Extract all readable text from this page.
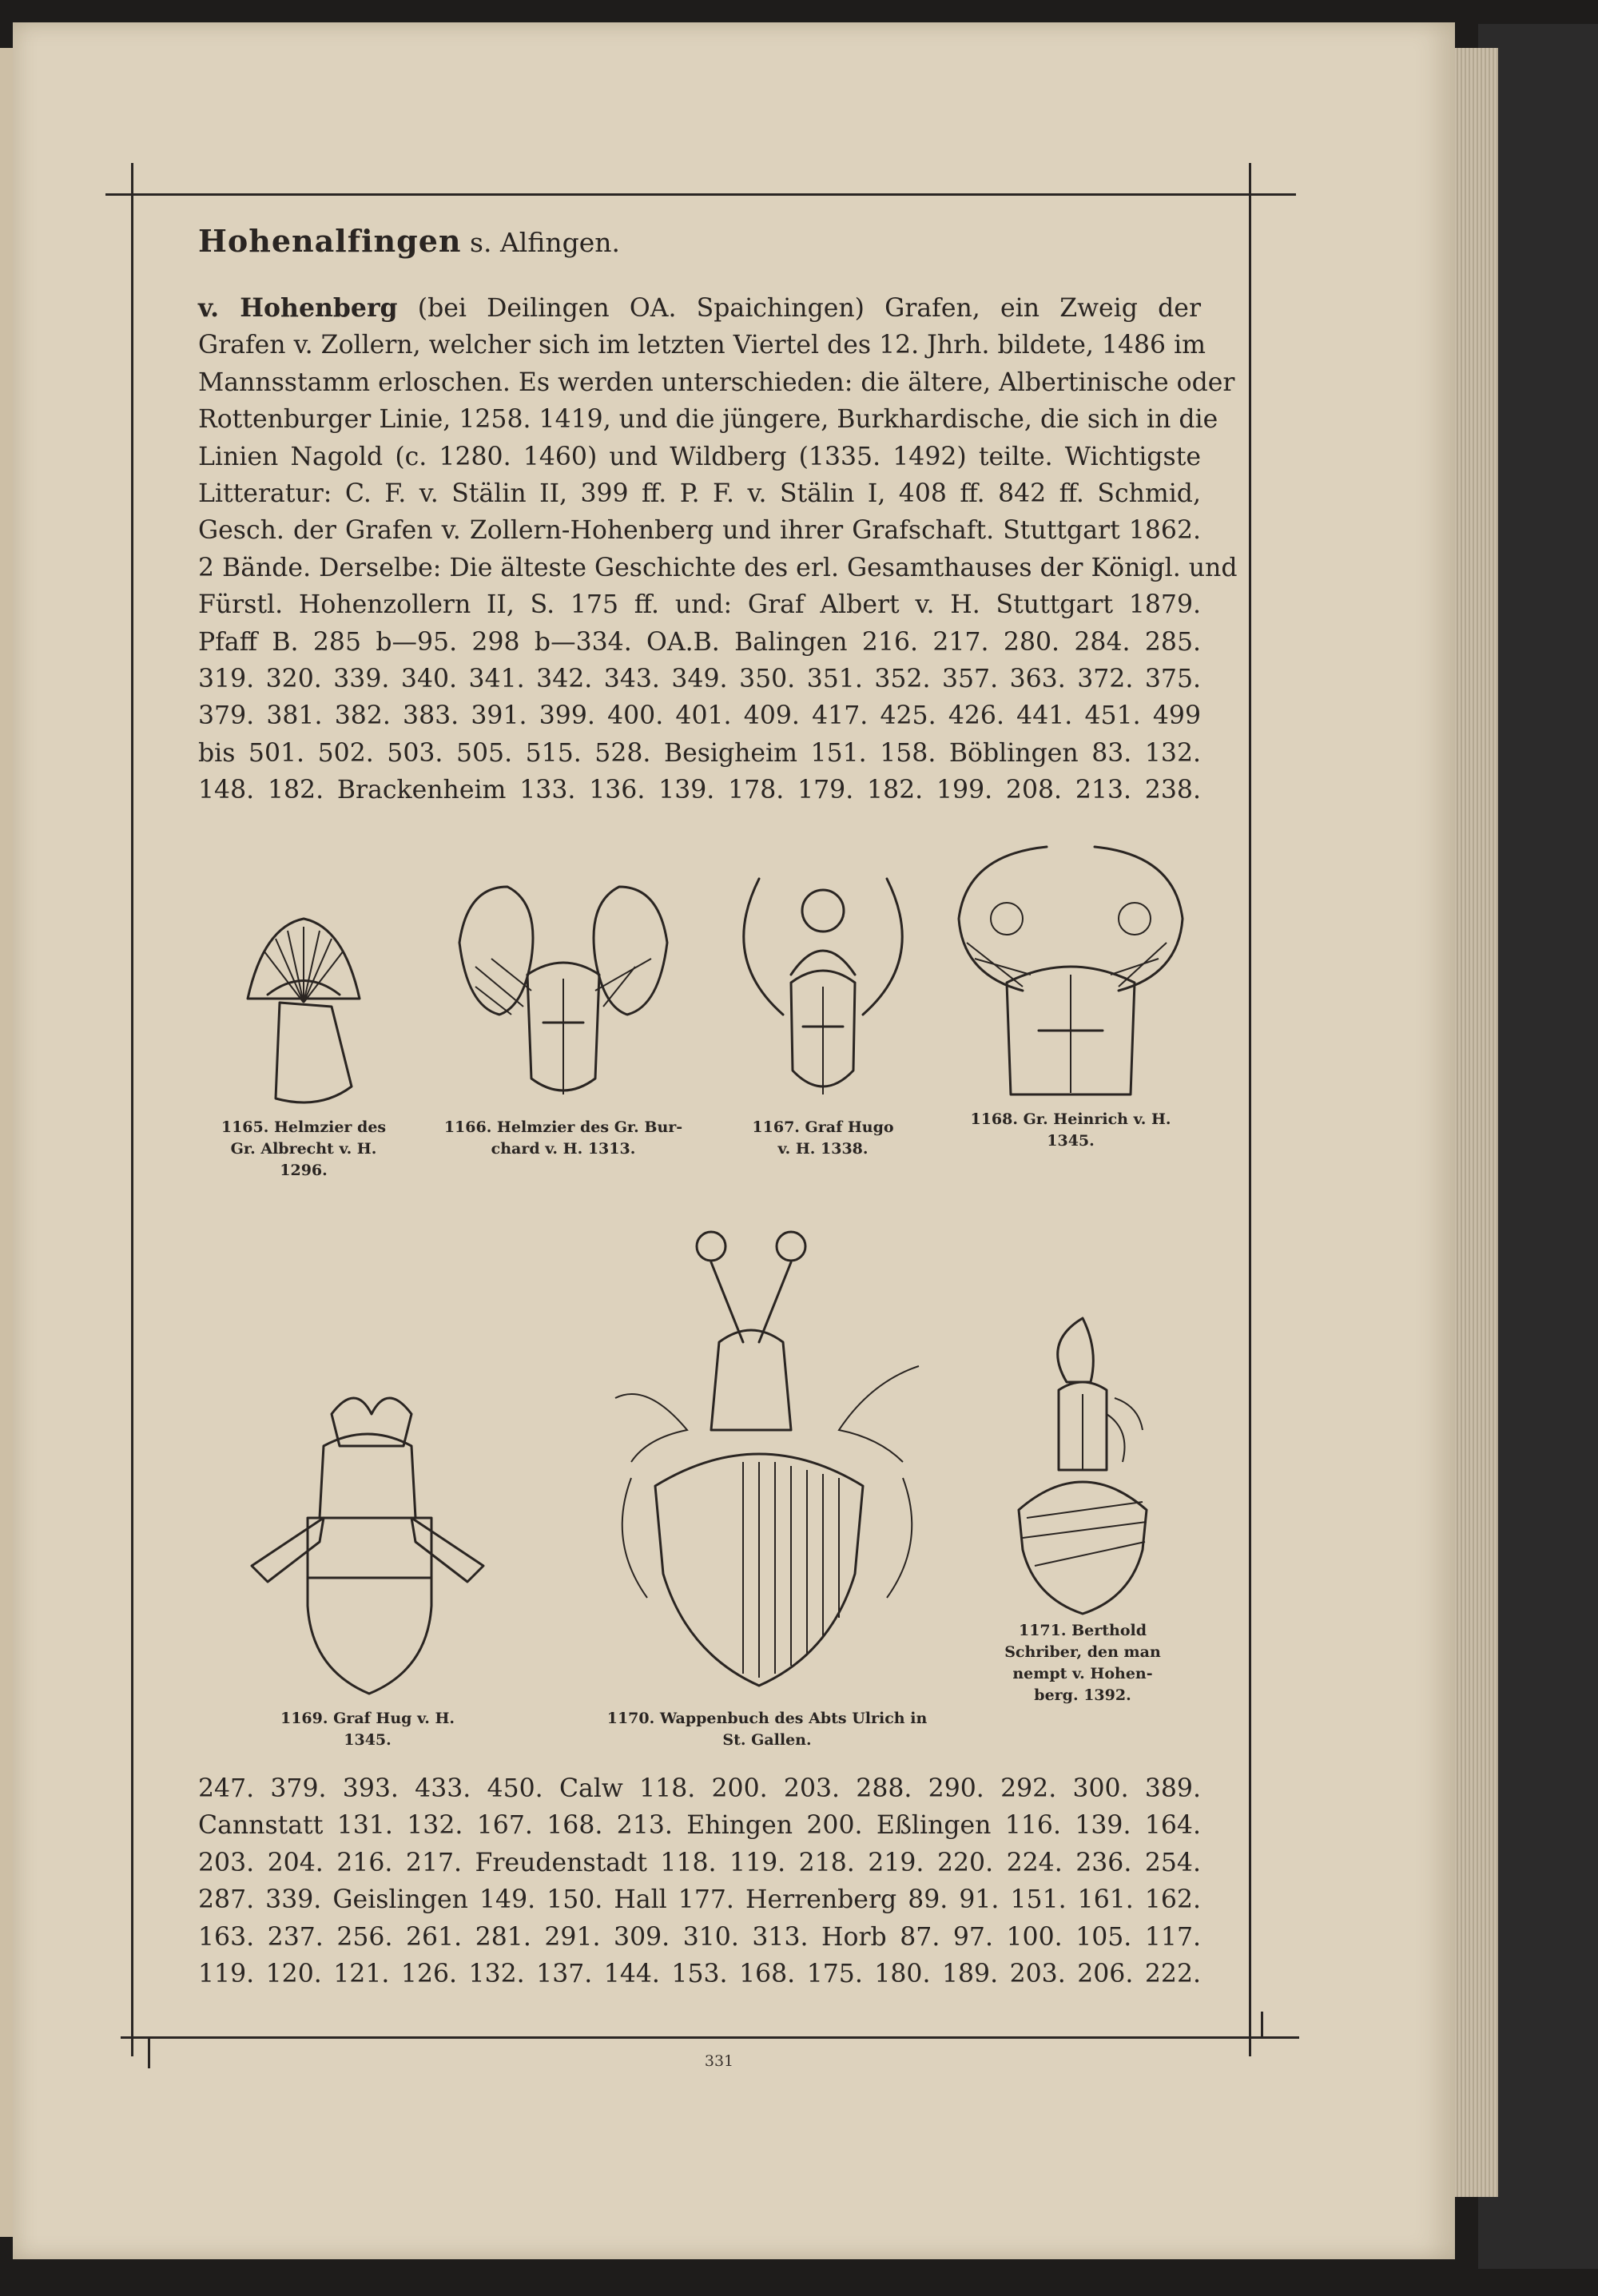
Hohenalfingen s. Alfingen.

v. Hohenberg (bei Deilingen OA. Spaichingen) Grafen, ein Zweig der
Grafen v. Zollern, welcher sich im letzten Viertel des 12. Jhrh. bildete, 1486 im
Mannsstamm erloschen. Es werden unterschieden: die ältere, Albertinische oder
Rottenburger Linie, 1258. 1419, und die jüngere, Burkhardische, die sich in die
Linien Nagold (c. 1280. 1460) und Wildberg (1335. 1492) teilte. Wichtigste
Litteratur: C. F. v. Stälin II, 399 ff. P. F. v. Stälin I, 408 ff. 842 ff. Schmid,
Gesch. der Grafen v. Zollern-Hohenberg und ihrer Grafschaft. Stuttgart 1862.
2 Bände. Derselbe: Die älteste Geschichte des erl. Gesamthauses der Königl. und
Fürstl. Hohenzollern II, S. 175 ff. und: Graf Albert v. H. Stuttgart 1879.
Pfaff B. 285 b—95. 298 b—334. OA.B. Balingen 216. 217. 280. 284. 285.
319. 320. 339. 340. 341. 342. 343. 349. 350. 351. 352. 357. 363. 372. 375.
379. 381. 382. 383. 391. 399. 400. 401. 409. 417. 425. 426. 441. 451. 499
bis 501. 502. 503. 505. 515. 528. Besigheim 151. 158. Böblingen 83. 132.
148. 182. Brackenheim 133. 136. 139. 178. 179. 182. 199. 208. 213. 238.
1165. Helmzier des
Gr. Albrecht v. H.
1296.
1166. Helmzier des Gr. Bur-
chard v. H. 1313.
1167. Graf Hugo
v. H. 1338.
1168. Gr. Heinrich v. H.
1345.
1169. Graf Hug v. H.
1345.
1170. Wappenbuch des Abts Ulrich in
St. Gallen.
1171. Berthold
Schriber, den man
nempt v. Hohen-
berg. 1392.
247. 379. 393. 433. 450. Calw 118. 200. 203. 288. 290. 292. 300. 389.
Cannstatt 131. 132. 167. 168. 213. Ehingen 200. Eßlingen 116. 139. 164.
203. 204. 216. 217. Freudenstadt 118. 119. 218. 219. 220. 224. 236. 254.
287. 339. Geislingen 149. 150. Hall 177. Herrenberg 89. 91. 151. 161. 162.
163. 237. 256. 261. 281. 291. 309. 310. 313. Horb 87. 97. 100. 105. 117.
119. 120. 121. 126. 132. 137. 144. 153. 168. 175. 180. 189. 203. 206. 222.
331
